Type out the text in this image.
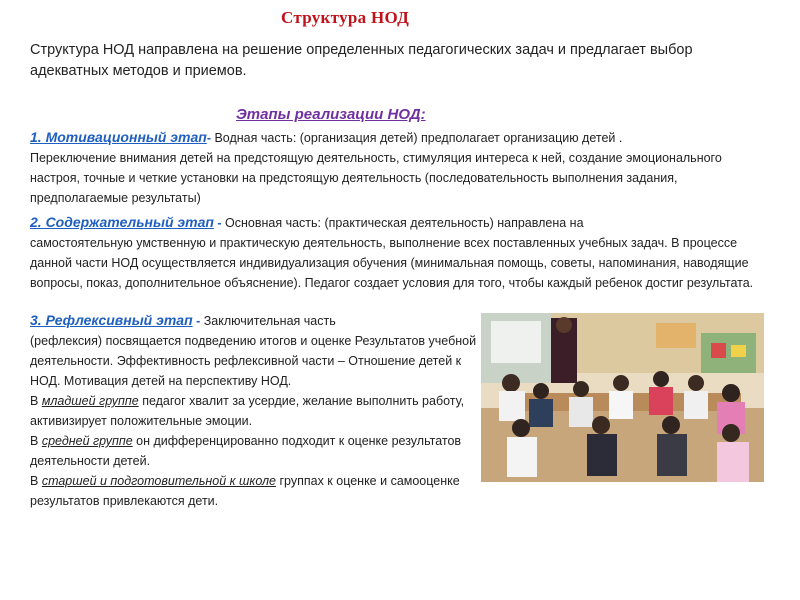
Структура НОД
Структура НОД направлена на решение определенных педагогических задач и предлагает выбор адекватных методов и приемов.
Этапы реализации НОД:
1. Мотивационный этап- Водная часть: (организация детей) предполагает организацию детей .
Переключение внимания детей на предстоящую деятельность, стимуляция интереса к ней, создание эмоционального настроя, точные и четкие установки на предстоящую деятельность (последовательность выполнения задания, предполагаемые результаты)
2. Содержательный этап - Основная часть: (практическая деятельность) направлена на
самостоятельную умственную и практическую деятельность, выполнение всех поставленных учебных задач. В процессе данной части НОД осуществляется индивидуализация обучения (минимальная помощь, советы, напоминания, наводящие вопросы, показ, дополнительное объяснение). Педагог создает условия для того, чтобы каждый ребенок достиг результата.
3. Рефлексивный этап - Заключительная часть
(рефлексия) посвящается подведению итогов и оценке Результатов учебной деятельности. Эффективность рефлексивной части – Отношение детей к НОД. Мотивация детей на перспективу НОД.
В младшей группе педагог хвалит за усердие, желание выполнить работу, активизирует положительные эмоции.
В средней группе он дифференцированно подходит к оценке результатов деятельности детей.
В старшей и подготовительной к школе группах к оценке и самооценке результатов привлекаются дети.
